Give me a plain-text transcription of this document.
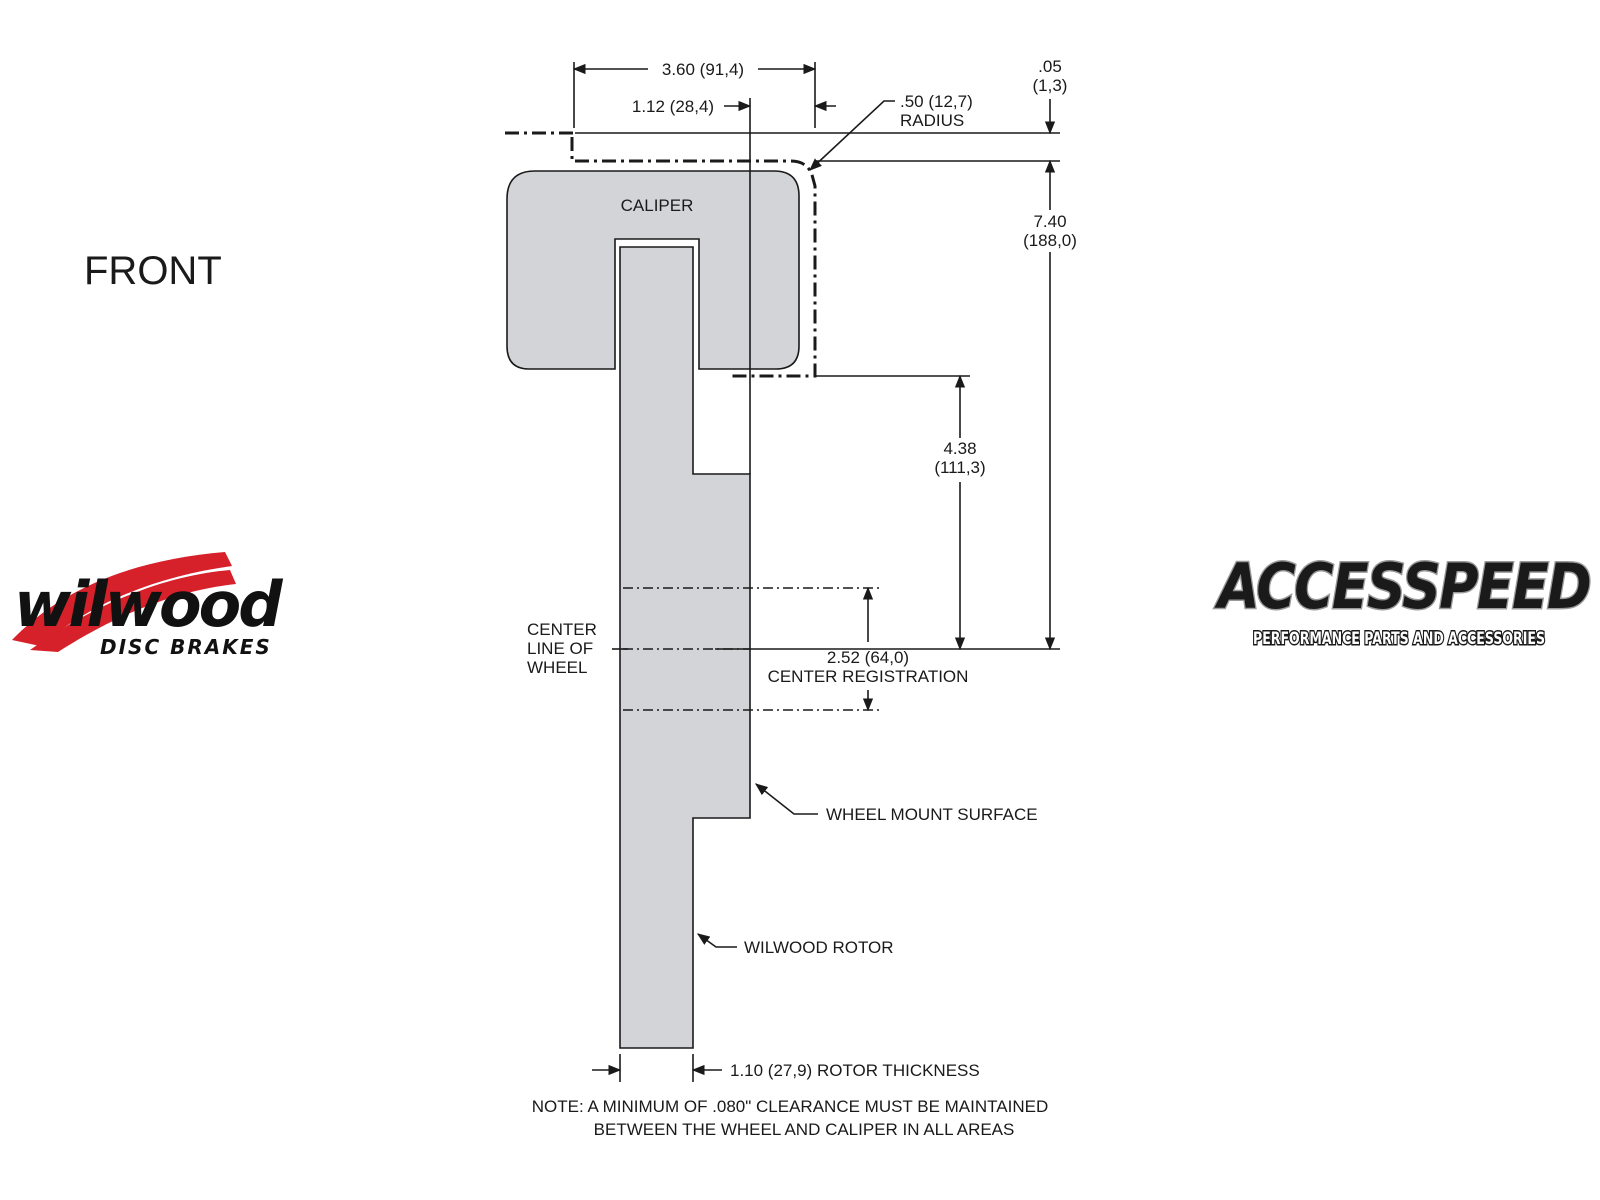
FRONT
3.60 (91,4)
1.12 (28,4)	.50 (12,7)
RADIUS
.05
(1,3)
7.40
(188,0)
4.38
(111,3)
2.52 (64,0)
CENTER REGISTRATION
1.10 (27,9) ROTOR THICKNESS
CALIPER
CENTER
LINE OF
WHEEL
WHEEL MOUNT SURFACE
WILWOOD ROTOR
NOTE: A MINIMUM OF .080" CLEARANCE MUST BE MAINTAINED
BETWEEN THE WHEEL AND CALIPER IN ALL AREAS
wilwood
DISC BRAKES
ACCESSPEED
PERFORMANCE PARTS AND ACCESSORIES
